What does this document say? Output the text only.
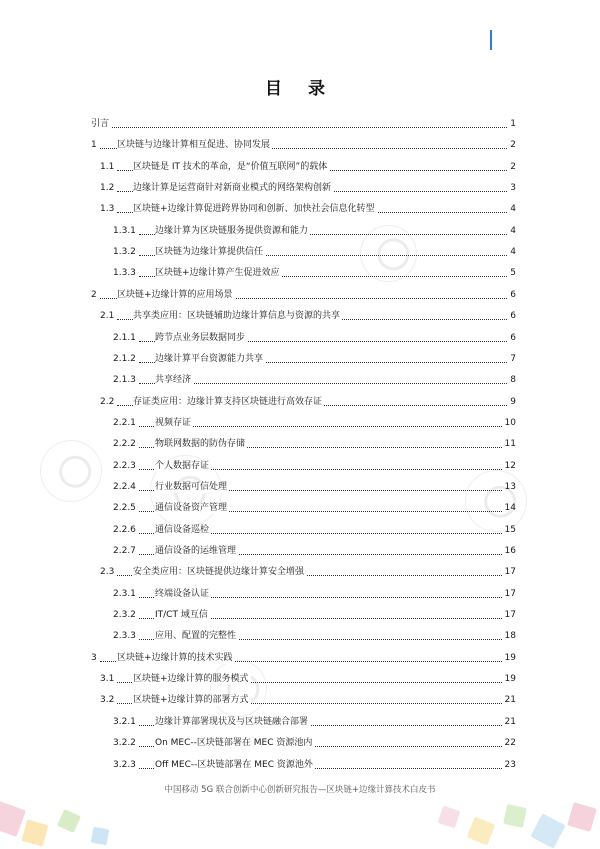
目 录
引言	1
1 区块链与边缘计算相互促进、协同发展	2
1.1 区块链是 IT 技术的革命，是“价值互联网”的载体	2
1.2 边缘计算是运营商针对新商业模式的网络架构创新	3
1.3 区块链+边缘计算促进跨界协同和创新、加快社会信息化转型	4
1.3.1 边缘计算为区块链服务提供资源和能力	4
1.3.2 区块链为边缘计算提供信任	4
1.3.3 区块链+边缘计算产生促进效应	5
2 区块链+边缘计算的应用场景	6
2.1 共享类应用：区块链辅助边缘计算信息与资源的共享	6
2.1.1 跨节点业务层数据同步	6
2.1.2 边缘计算平台资源能力共享	7
2.1.3 共享经济	8
2.2 存证类应用：边缘计算支持区块链进行高效存证	9
2.2.1 视频存证	10
2.2.2 物联网数据的防伪存储	11
2.2.3 个人数据存证	12
2.2.4 行业数据可信处理	13
2.2.5 通信设备资产管理	14
2.2.6 通信设备巡检	15
2.2.7 通信设备的运维管理	16
2.3 安全类应用：区块链提供边缘计算安全增强	17
2.3.1 终端设备认证	17
2.3.2 IT/CT 域互信	17
2.3.3 应用、配置的完整性	18
3 区块链+边缘计算的技术实践	19
3.1 区块链+边缘计算的服务模式	19
3.2 区块链+边缘计算的部署方式	21
3.2.1 边缘计算部署现状及与区块链融合部署	21
3.2.2 On MEC--区块链部署在 MEC 资源池内	22
3.2.3 Off MEC--区块链部署在 MEC 资源池外	23
中国移动 5G 联合创新中心创新研究报告—区块链+边缘计算技术白皮书
